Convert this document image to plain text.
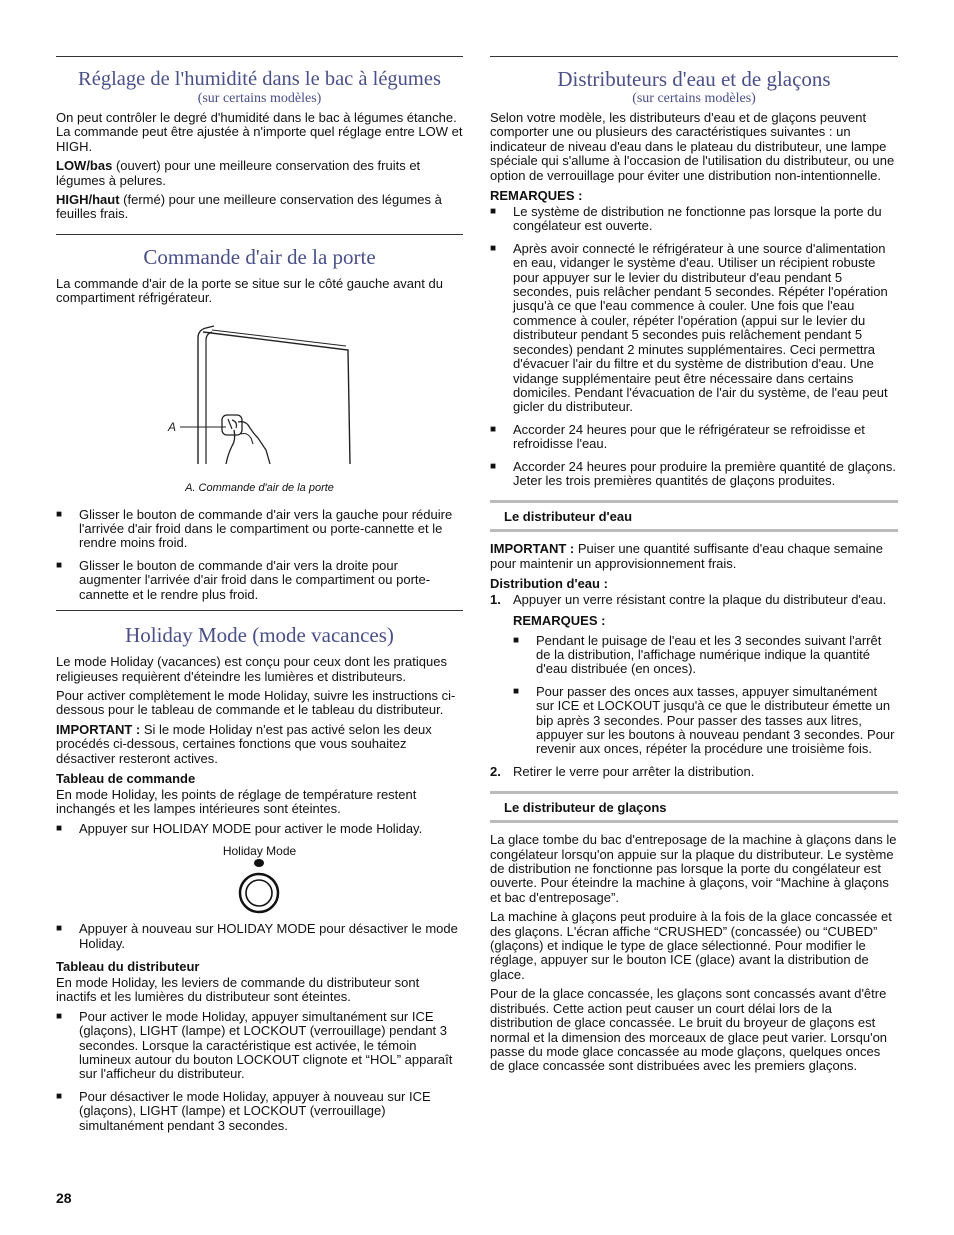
Réglage de l'humidité dans le bac à légumes
(sur certains modèles)

On peut contrôler le degré d'humidité dans le bac à légumes étanche. La commande peut être ajustée à n'importe quel réglage entre LOW et HIGH.

LOW/bas (ouvert) pour une meilleure conservation des fruits et légumes à pelures.

HIGH/haut (fermé) pour une meilleure conservation des légumes à feuilles frais.

Commande d'air de la porte

La commande d'air de la porte se situe sur le côté gauche avant du compartiment réfrigérateur.

A
A. Commande d'air de la porte
■ Glisser le bouton de commande d'air vers la gauche pour réduire l'arrivée d'air froid dans le compartiment ou porte-cannette et le rendre moins froid.
■ Glisser le bouton de commande d'air vers la droite pour augmenter l'arrivée d'air froid dans le compartiment ou porte-cannette et le rendre plus froid.
Holiday Mode (mode vacances)

Le mode Holiday (vacances) est conçu pour ceux dont les pratiques religieuses requièrent d'éteindre les lumières et distributeurs.

Pour activer complètement le mode Holiday, suivre les instructions ci-dessous pour le tableau de commande et le tableau du distributeur.

IMPORTANT : Si le mode Holiday n'est pas activé selon les deux procédés ci-dessous, certaines fonctions que vous souhaitez désactiver resteront actives.

Tableau de commande

En mode Holiday, les points de réglage de température restent inchangés et les lampes intérieures sont éteintes.

■ Appuyer sur HOLIDAY MODE pour activer le mode Holiday.
Holiday Mode
■ Appuyer à nouveau sur HOLIDAY MODE pour désactiver le mode Holiday.
Tableau du distributeur

En mode Holiday, les leviers de commande du distributeur sont inactifs et les lumières du distributeur sont éteintes.

■ Pour activer le mode Holiday, appuyer simultanément sur ICE (glaçons), LIGHT (lampe) et LOCKOUT (verrouillage) pendant 3 secondes. Lorsque la caractéristique est activée, le témoin lumineux autour du bouton LOCKOUT clignote et “HOL” apparaît sur l'afficheur du distributeur.
■ Pour désactiver le mode Holiday, appuyer à nouveau sur ICE (glaçons), LIGHT (lampe) et LOCKOUT (verrouillage) simultanément pendant 3 secondes.
Distributeurs d'eau et de glaçons
(sur certains modèles)

Selon votre modèle, les distributeurs d'eau et de glaçons peuvent comporter une ou plusieurs des caractéristiques suivantes : un indicateur de niveau d'eau dans le plateau du distributeur, une lampe spéciale qui s'allume à l'occasion de l'utilisation du distributeur, ou une option de verrouillage pour éviter une distribution non-intentionnelle.

REMARQUES :
■ Le système de distribution ne fonctionne pas lorsque la porte du congélateur est ouverte.
■ Après avoir connecté le réfrigérateur à une source d'alimentation en eau, vidanger le système d'eau. Utiliser un récipient robuste pour appuyer sur le levier du distributeur d'eau pendant 5 secondes, puis relâcher pendant 5 secondes. Répéter l'opération jusqu'à ce que l'eau commence à couler. Une fois que l'eau commence à couler, répéter l'opération (appui sur le levier du distributeur pendant 5 secondes puis relâchement pendant 5 secondes) pendant 2 minutes supplémentaires. Ceci permettra d'évacuer l'air du filtre et du système de distribution d'eau. Une vidange supplémentaire peut être nécessaire dans certains domiciles. Pendant l'évacuation de l'air du système, de l'eau peut gicler du distributeur.
■ Accorder 24 heures pour que le réfrigérateur se refroidisse et refroidisse l'eau.
■ Accorder 24 heures pour produire la première quantité de glaçons. Jeter les trois premières quantités de glaçons produites.
Le distributeur d'eau

IMPORTANT : Puiser une quantité suffisante d'eau chaque semaine pour maintenir un approvisionnement frais.

Distribution d'eau :
1. Appuyer un verre résistant contre la plaque du distributeur d'eau.
REMARQUES :
■ Pendant le puisage de l'eau et les 3 secondes suivant l'arrêt de la distribution, l'affichage numérique indique la quantité d'eau distribuée (en onces).
■ Pour passer des onces aux tasses, appuyer simultanément sur ICE et LOCKOUT jusqu'à ce que le distributeur émette un bip après 3 secondes. Pour passer des tasses aux litres, appuyer sur les boutons à nouveau pendant 3 secondes. Pour revenir aux onces, répéter la procédure une troisième fois.
2. Retirer le verre pour arrêter la distribution.
Le distributeur de glaçons

La glace tombe du bac d'entreposage de la machine à glaçons dans le congélateur lorsqu'on appuie sur la plaque du distributeur. Le système de distribution ne fonctionne pas lorsque la porte du congélateur est ouverte. Pour éteindre la machine à glaçons, voir “Machine à glaçons et bac d'entreposage”.

La machine à glaçons peut produire à la fois de la glace concassée et des glaçons. L'écran affiche “CRUSHED” (concassée) ou “CUBED” (glaçons) et indique le type de glace sélectionné. Pour modifier le réglage, appuyer sur le bouton ICE (glace) avant la distribution de glace.

Pour de la glace concassée, les glaçons sont concassés avant d'être distribués. Cette action peut causer un court délai lors de la distribution de glace concassée. Le bruit du broyeur de glaçons est normal et la dimension des morceaux de glace peut varier. Lorsqu'on passe du mode glace concassée au mode glaçons, quelques onces de glace concassée sont distribuées avec les premiers glaçons.

28
